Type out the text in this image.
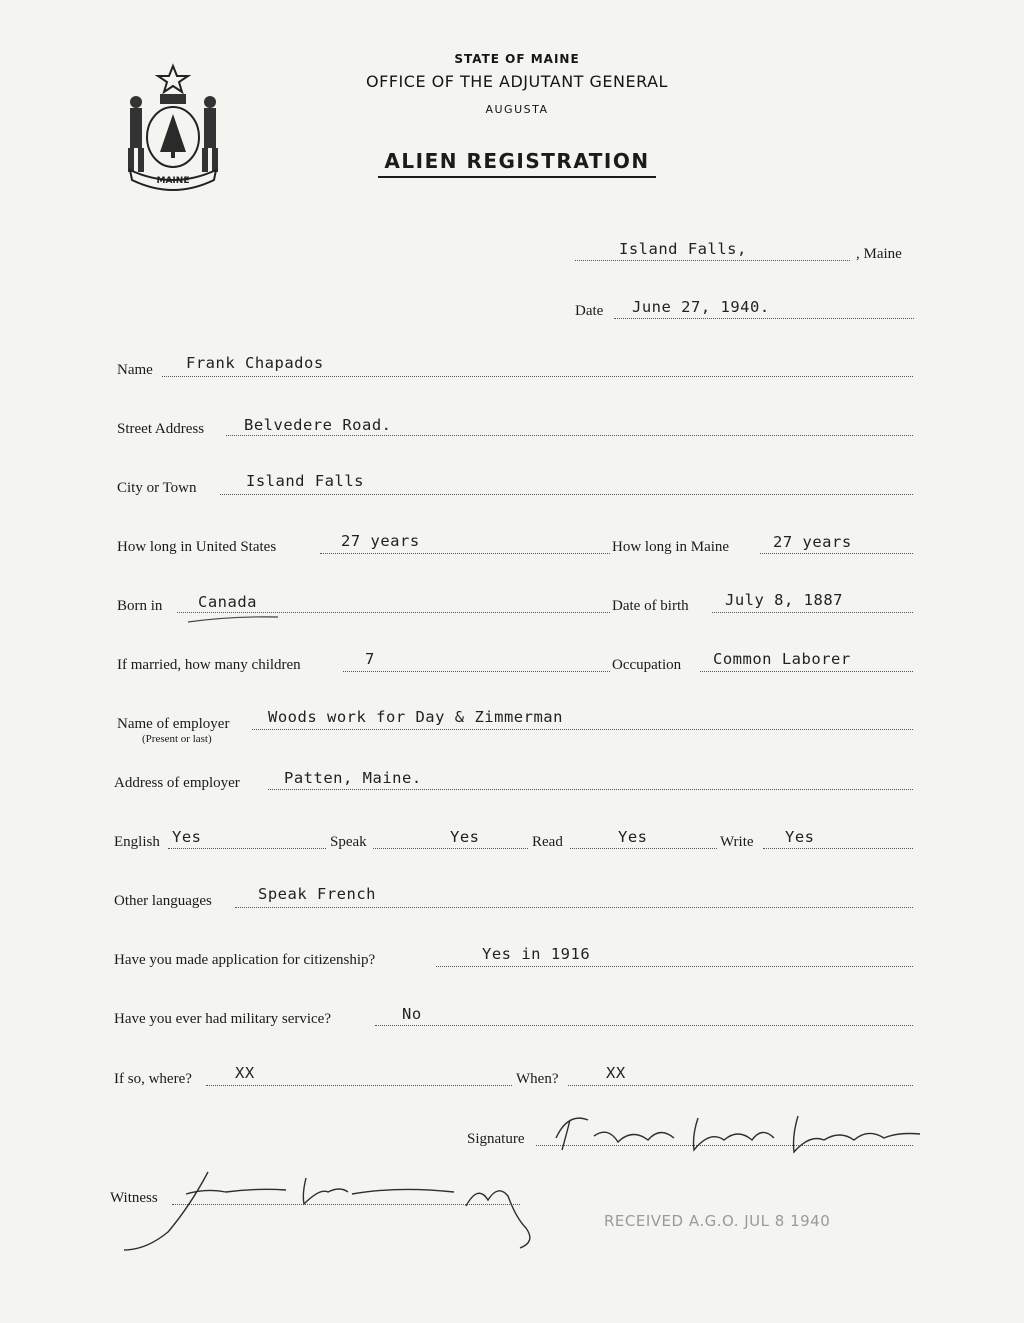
MAINE
STATE OF MAINE
OFFICE OF THE ADJUTANT GENERAL
AUGUSTA
ALIEN REGISTRATION
Island Falls,	, Maine
Date June 27, 1940.
Name Frank Chapados
Street Address	Belvedere Road.
City or Town	Island Falls
How long in United States	27 years	How long in Maine	27 years
Born in Canada	Date of birth July 8, 1887
If married, how many children	7	Occupation Common Laborer
Name of employer
(Present or last)
Woods work for Day & Zimmerman
Address of employer	Patten, Maine.
English Yes	Speak	Yes	Read	Yes	Write Yes
Other languages	Speak French
Have you made application for citizenship?	Yes in 1916
Have you ever had military service?	No
If so, where?	XX	When?	XX
Signature
Witness
RECEIVED A.G.O. JUL 8 1940
